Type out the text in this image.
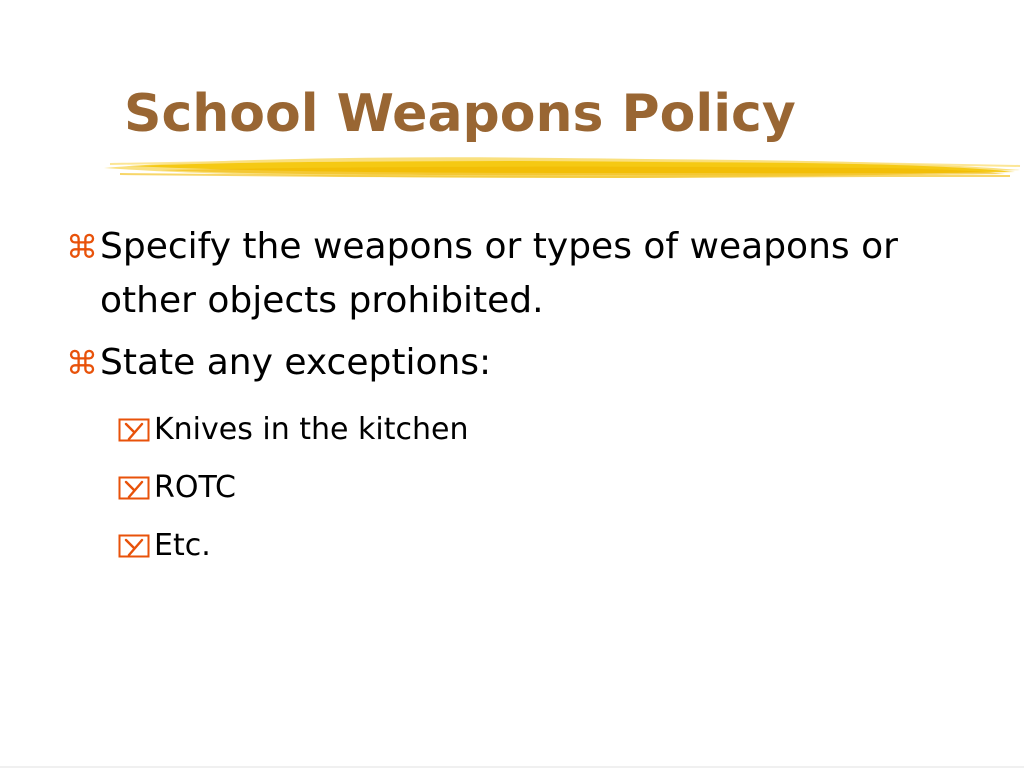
School Weapons Policy
⌘ Specify the weapons or types of weapons or other objects prohibited.
⌘ State any exceptions:
Knives in the kitchen
ROTC
Etc.
